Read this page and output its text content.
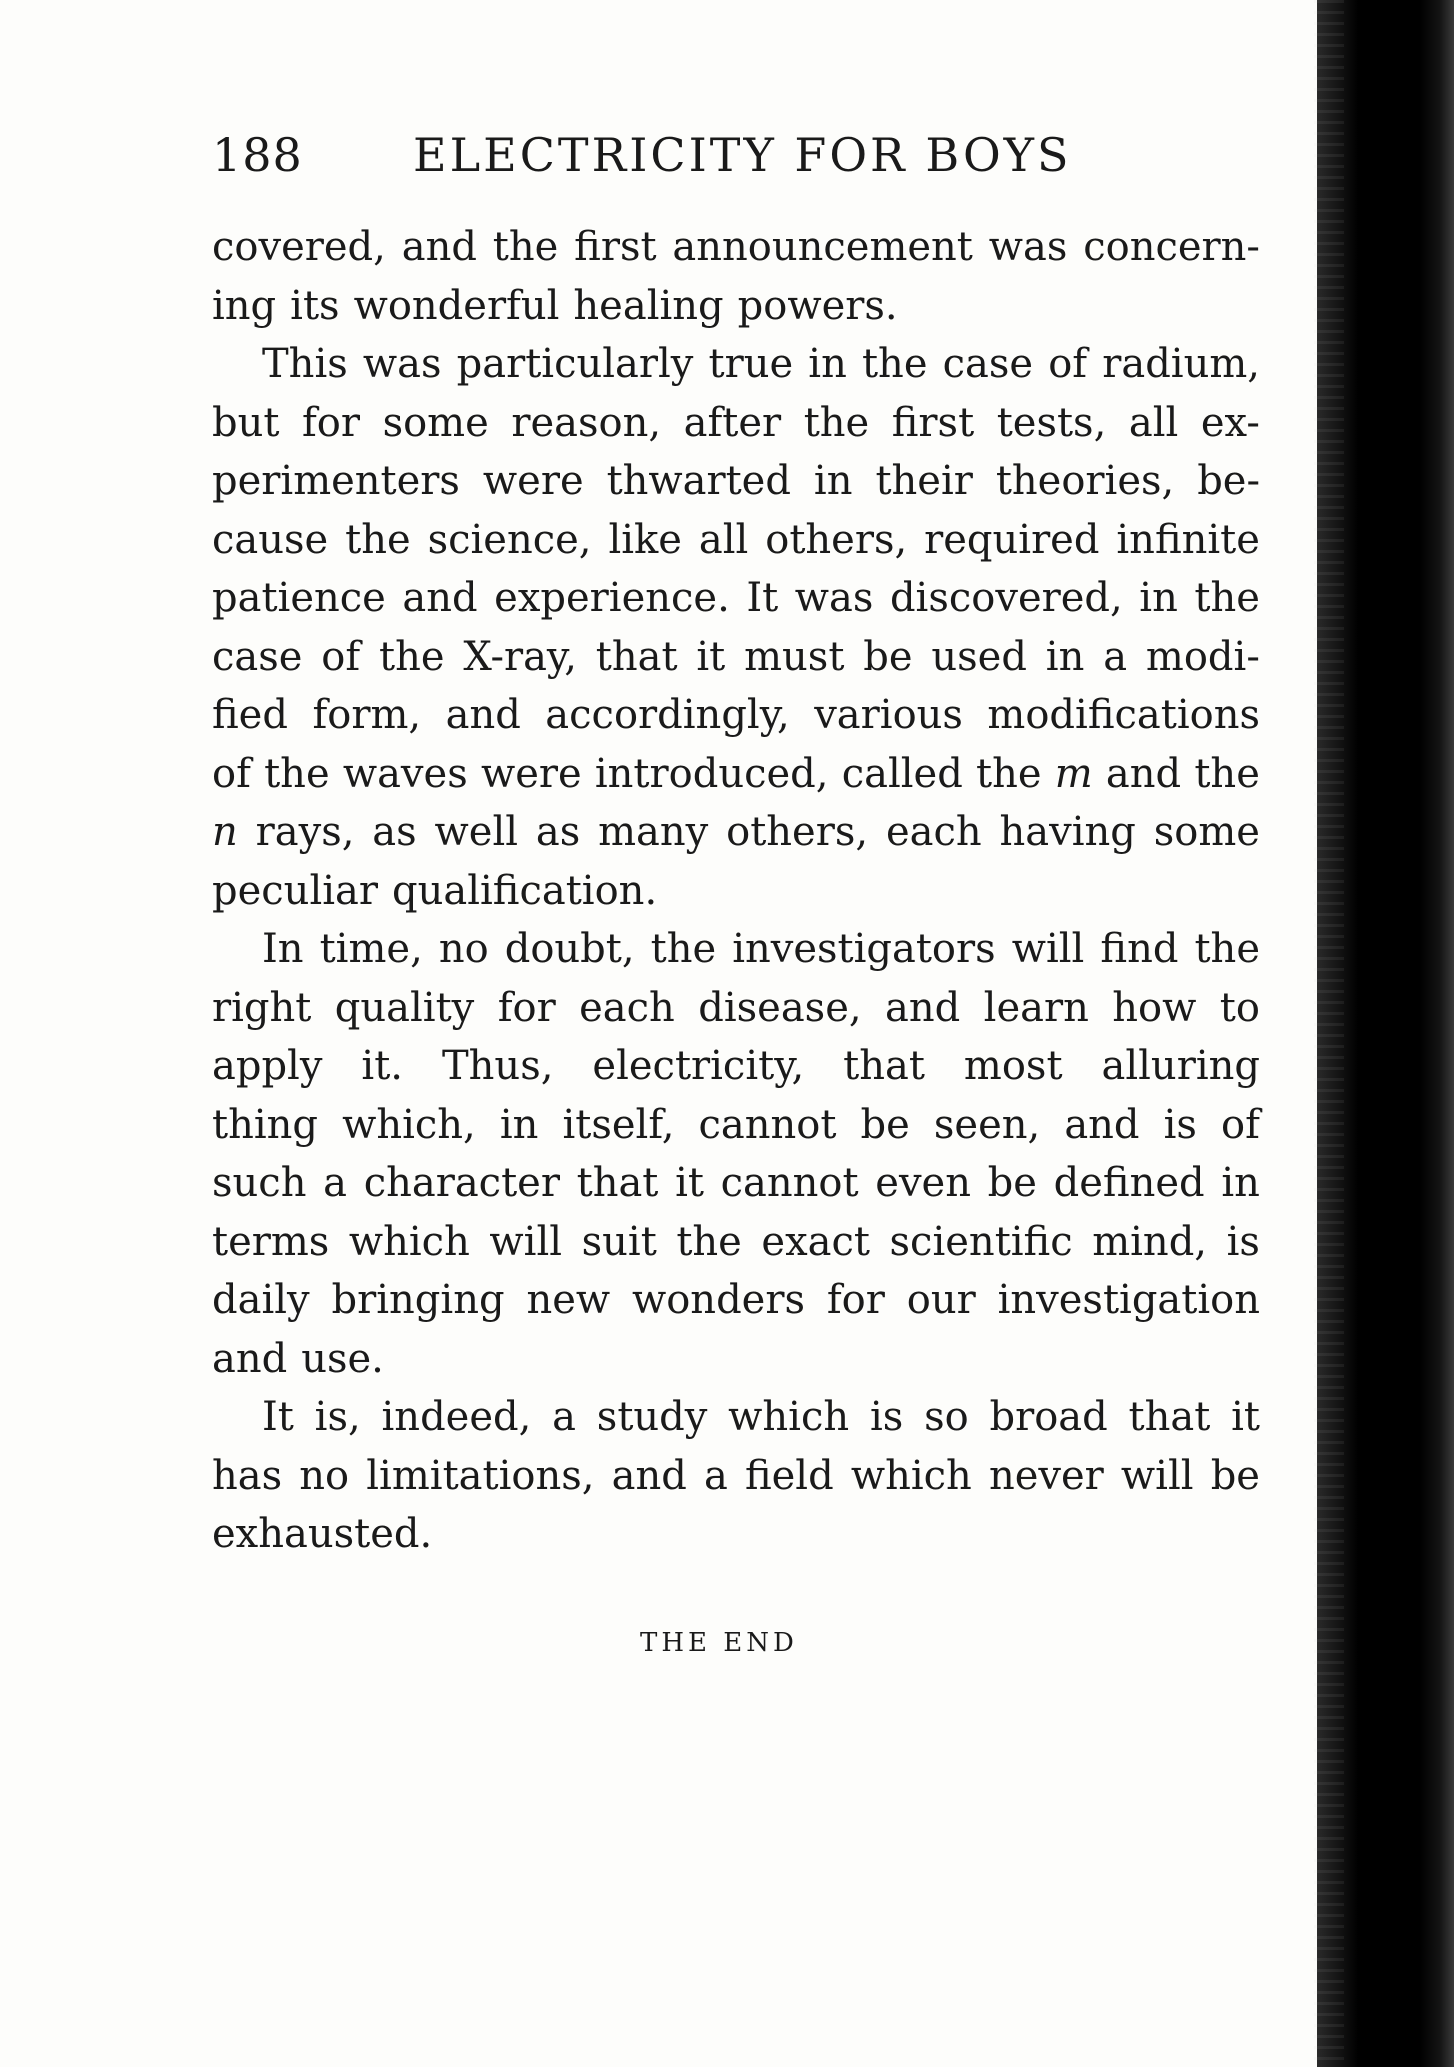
188 ELECTRICITY FOR BOYS
covered, and the first announcement was concern-
ing its wonderful healing powers.
This was particularly true in the case of radium,
but for some reason, after the first tests, all ex-
perimenters were thwarted in their theories, be-
cause the science, like all others, required infinite
patience and experience. It was discovered, in the
case of the X-ray, that it must be used in a modi-
fied form, and accordingly, various modifications
of the waves were introduced, called the m and the
n rays, as well as many others, each having some
peculiar qualification.
In time, no doubt, the investigators will find the
right quality for each disease, and learn how to
apply it. Thus, electricity, that most alluring
thing which, in itself, cannot be seen, and is of
such a character that it cannot even be defined in
terms which will suit the exact scientific mind, is
daily bringing new wonders for our investigation
and use.
It is, indeed, a study which is so broad that it
has no limitations, and a field which never will be
exhausted.
THE END
